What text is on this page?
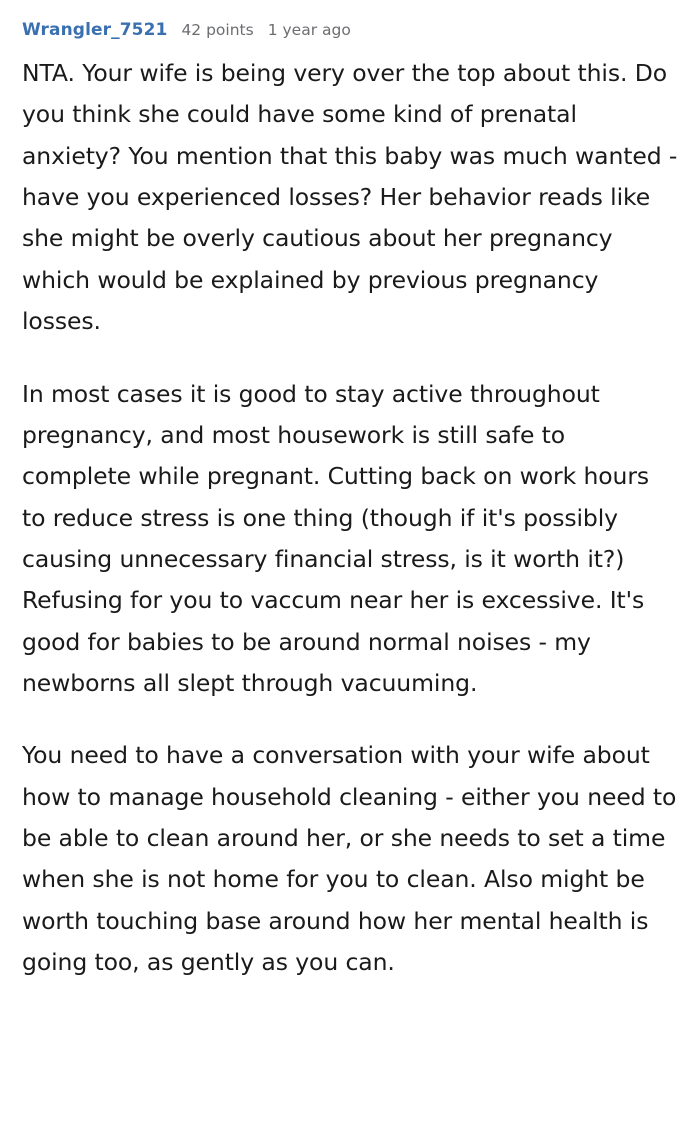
Wrangler_7521 42 points 1 year ago

NTA. Your wife is being very over the top about this. Do you think she could have some kind of prenatal anxiety? You mention that this baby was much wanted - have you experienced losses? Her behavior reads like she might be overly cautious about her pregnancy which would be explained by previous pregnancy losses.

In most cases it is good to stay active throughout pregnancy, and most housework is still safe to complete while pregnant. Cutting back on work hours to reduce stress is one thing (though if it's possibly causing unnecessary financial stress, is it worth it?) Refusing for you to vaccum near her is excessive. It's good for babies to be around normal noises - my newborns all slept through vacuuming.

You need to have a conversation with your wife about how to manage household cleaning - either you need to be able to clean around her, or she needs to set a time when she is not home for you to clean. Also might be worth touching base around how her mental health is going too, as gently as you can.
